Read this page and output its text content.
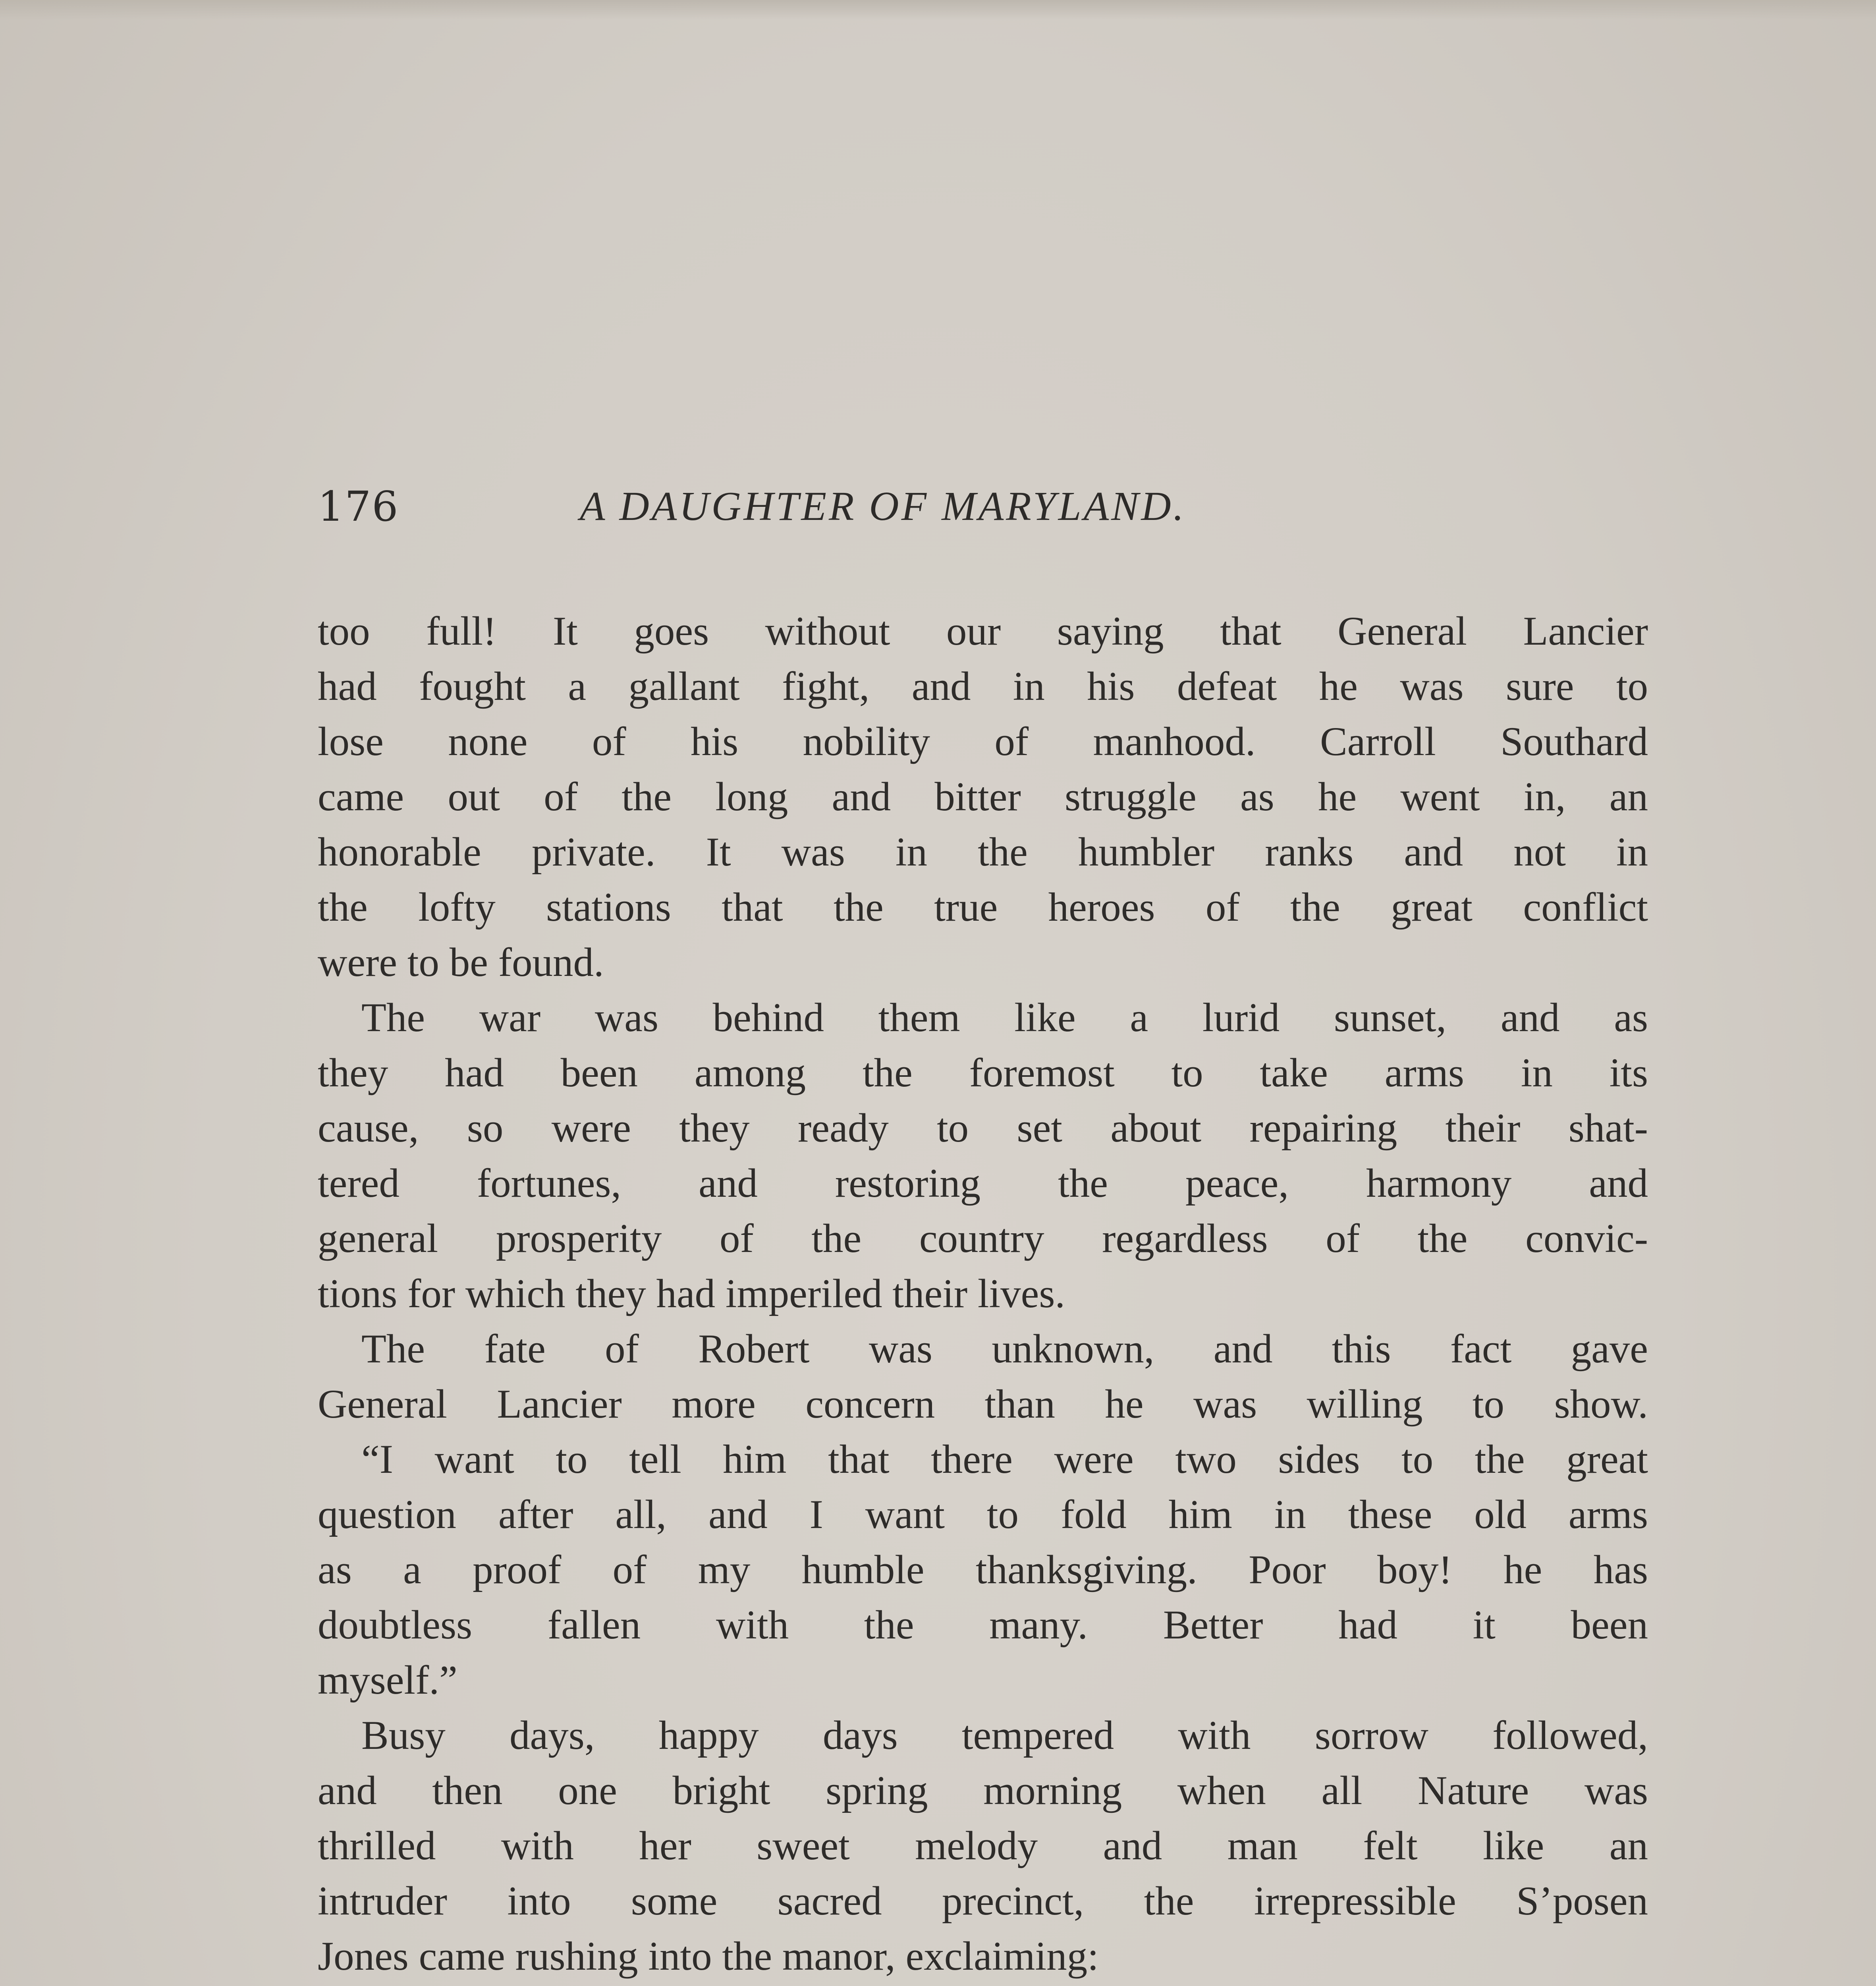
176	A DAUGHTER OF MARYLAND.
too full! It goes without our saying that General Lancier
had fought a gallant fight, and in his defeat he was sure to
lose none of his nobility of manhood. Carroll Southard
came out of the long and bitter struggle as he went in, an
honorable private. It was in the humbler ranks and not in
the lofty stations that the true heroes of the great conflict
were to be found.
The war was behind them like a lurid sunset, and as
they had been among the foremost to take arms in its
cause, so were they ready to set about repairing their shat-
tered fortunes, and restoring the peace, harmony and
general prosperity of the country regardless of the convic-
tions for which they had imperiled their lives.
The fate of Robert was unknown, and this fact gave
General Lancier more concern than he was willing to show.
“I want to tell him that there were two sides to the great
question after all, and I want to fold him in these old arms
as a proof of my humble thanksgiving. Poor boy! he has
doubtless fallen with the many. Better had it been
myself.”
Busy days, happy days tempered with sorrow followed,
and then one bright spring morning when all Nature was
thrilled with her sweet melody and man felt like an
intruder into some sacred precinct, the irrepressible S’posen
Jones came rushing into the manor, exclaiming:
